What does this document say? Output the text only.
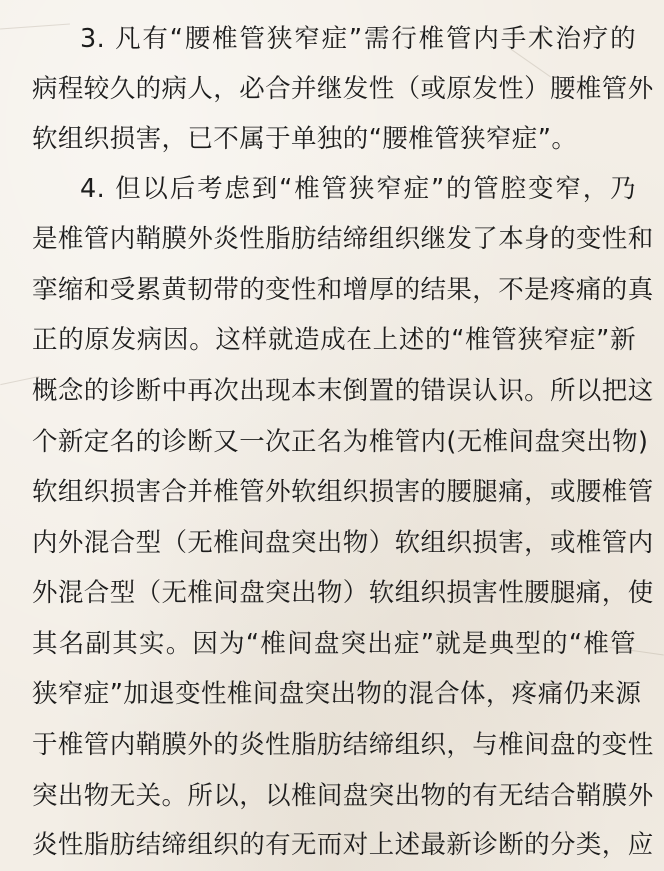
3. 凡有“腰椎管狭窄症”需行椎管内手术治疗的
病程较久的病人，必合并继发性（或原发性）腰椎管外
软组织损害，已不属于单独的“腰椎管狭窄症”。
4. 但以后考虑到“椎管狭窄症”的管腔变窄，乃
是椎管内鞘膜外炎性脂肪结缔组织继发了本身的变性和
挛缩和受累黄韧带的变性和增厚的结果，不是疼痛的真
正的原发病因。这样就造成在上述的“椎管狭窄症”新
概念的诊断中再次出现本末倒置的错误认识。所以把这
个新定名的诊断又一次正名为椎管内(无椎间盘突出物)
软组织损害合并椎管外软组织损害的腰腿痛，或腰椎管
内外混合型（无椎间盘突出物）软组织损害，或椎管内
外混合型（无椎间盘突出物）软组织损害性腰腿痛，使
其名副其实。因为“椎间盘突出症”就是典型的“椎管
狭窄症”加退变性椎间盘突出物的混合体，疼痛仍来源
于椎管内鞘膜外的炎性脂肪结缔组织，与椎间盘的变性
突出物无关。所以，以椎间盘突出物的有无结合鞘膜外
炎性脂肪结缔组织的有无而对上述最新诊断的分类，应
